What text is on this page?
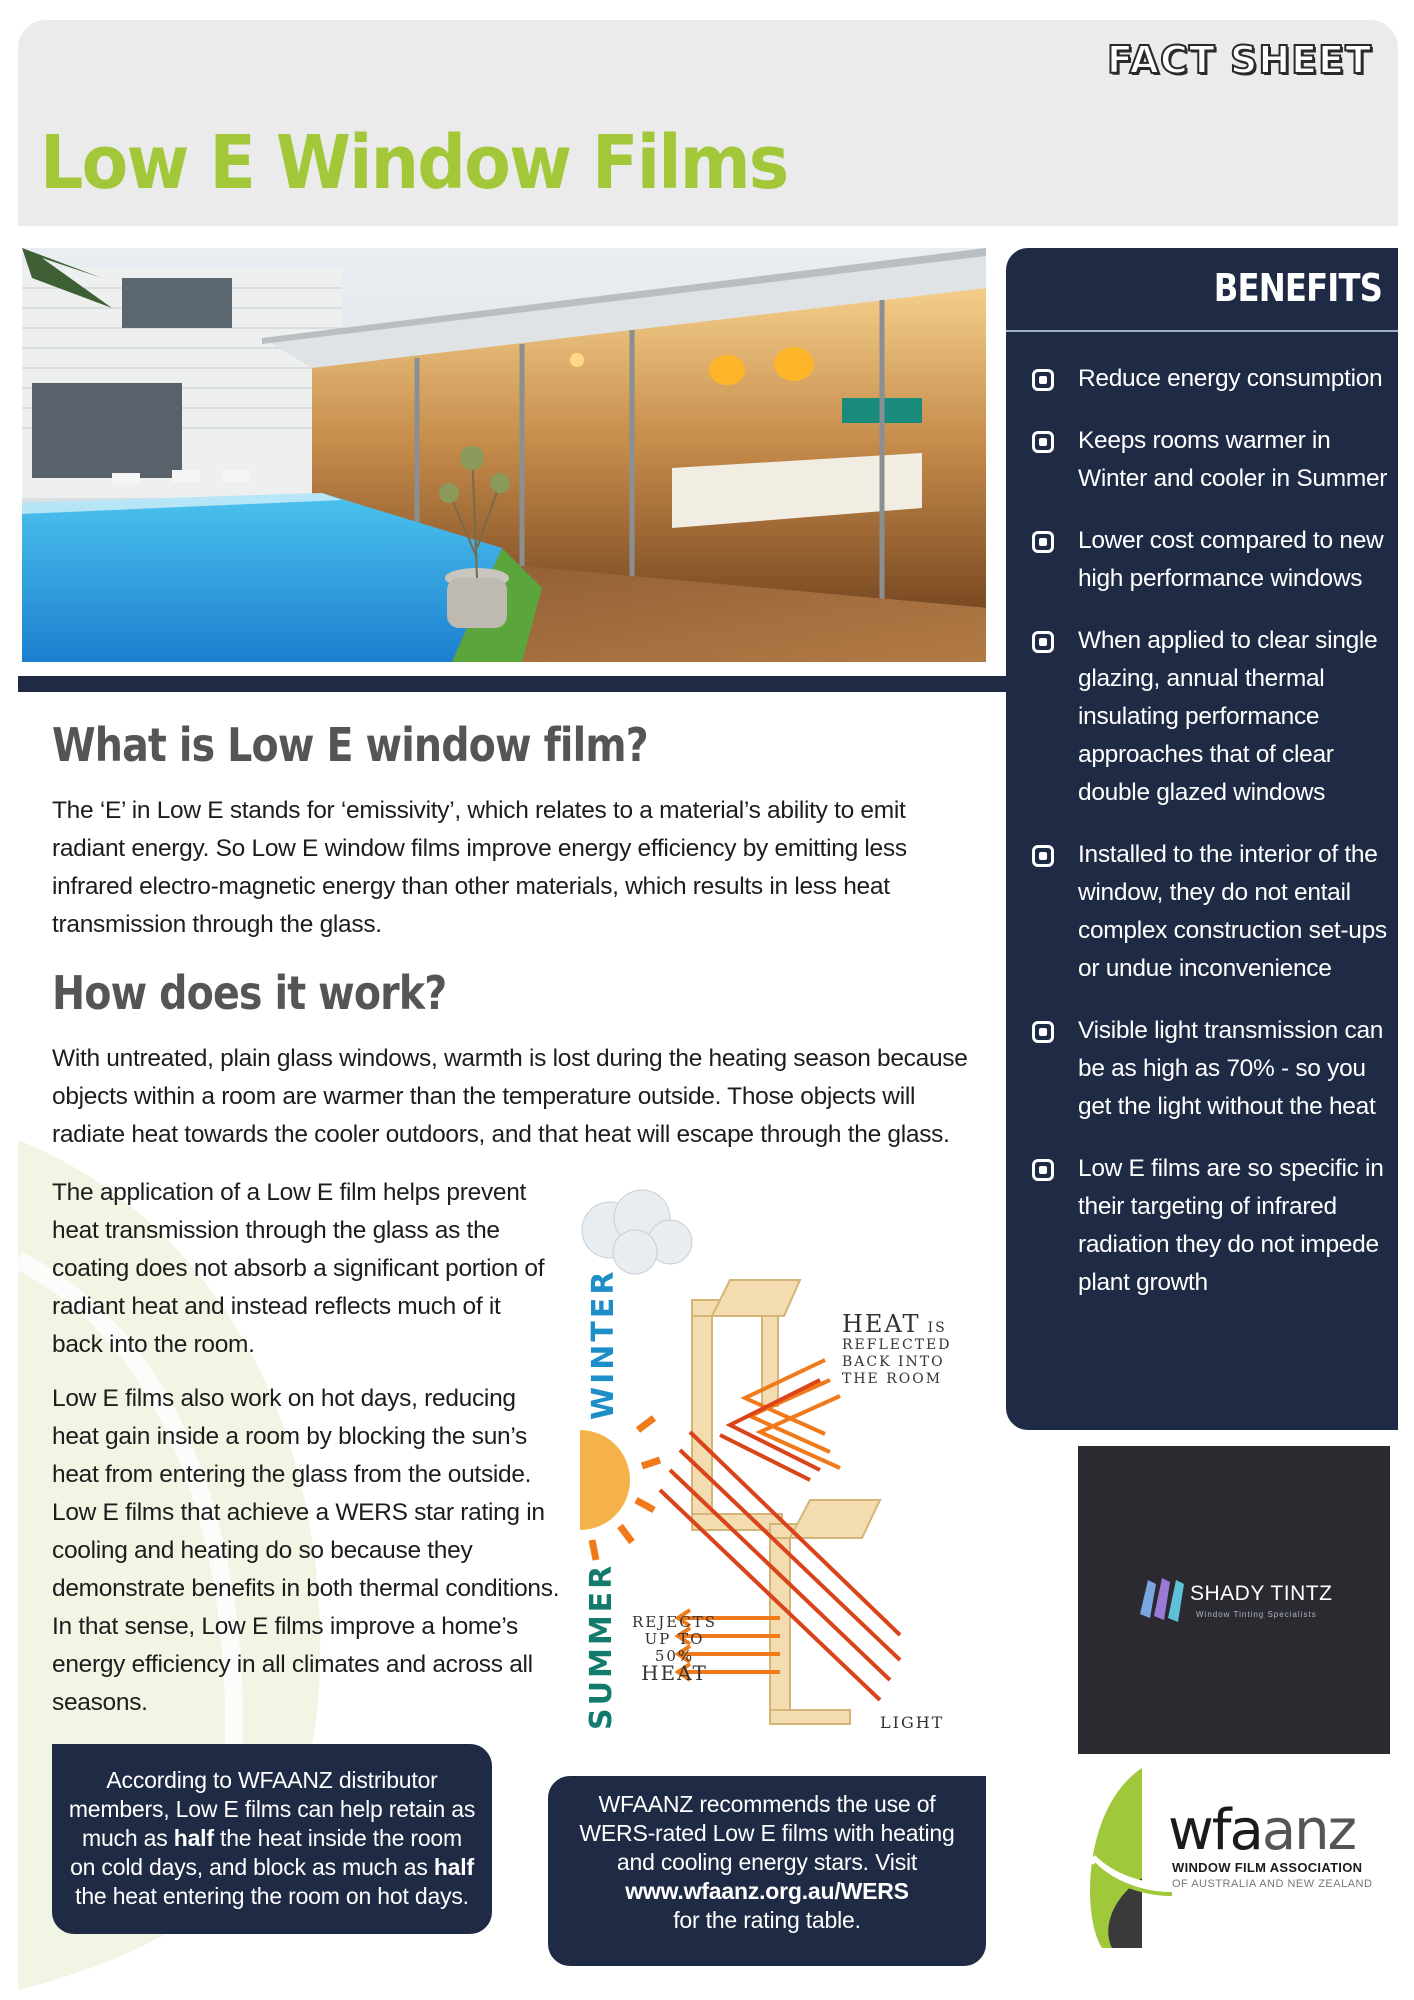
FACT SHEET
Low E Window Films
BENEFITS
Reduce energy consumption
Keeps rooms warmer in Winter and cooler in Summer
Lower cost compared to new high performance windows
When applied to clear single glazing, annual thermal insulating performance approaches that of clear double glazed windows
Installed to the interior of the window, they do not entail complex construction set-ups or undue inconvenience
Visible light transmission can be as high as 70% - so you get the light without the heat
Low E films are so specific in their targeting of infrared radiation they do not impede plant growth
What is Low E window film?

The ‘E’ in Low E stands for ‘emissivity’, which relates to a material’s ability to emit radiant energy. So Low E window films improve energy efficiency by emitting less infrared electro-magnetic energy than other materials, which results in less heat transmission through the glass.

How does it work?

With untreated, plain glass windows, warmth is lost during the heating season because objects within a room are warmer than the temperature outside. Those objects will radiate heat towards the cooler outdoors, and that heat will escape through the glass.

The application of a Low E film helps prevent heat transmission through the glass as the coating does not absorb a significant portion of radiant heat and instead reflects much of it back into the room.

Low E films also work on hot days, reducing heat gain inside a room by blocking the sun’s heat from entering the glass from the outside. Low E films that achieve a WERS star rating in cooling and heating do so because they demonstrate benefits in both thermal conditions. In that sense, Low E films improve a home’s energy efficiency in all climates and across all seasons.

WINTER
SUMMER
HEAT IS
REFLECTED
BACK INTO
THE ROOM
REJECTS
UP TO
50%
HEAT
LIGHT
According to WFAANZ distributor members, Low E films can help retain as much as half the heat inside the room on cold days, and block as much as half the heat entering the room on hot days.
WFAANZ recommends the use of WERS-rated Low E films with heating and cooling energy stars. Visit www.wfaanz.org.au/WERS
for the rating table.
SHADY TINTZ
Window Tinting Specialists
wfaanz
WINDOW FILM ASSOCIATION
OF AUSTRALIA AND NEW ZEALAND
